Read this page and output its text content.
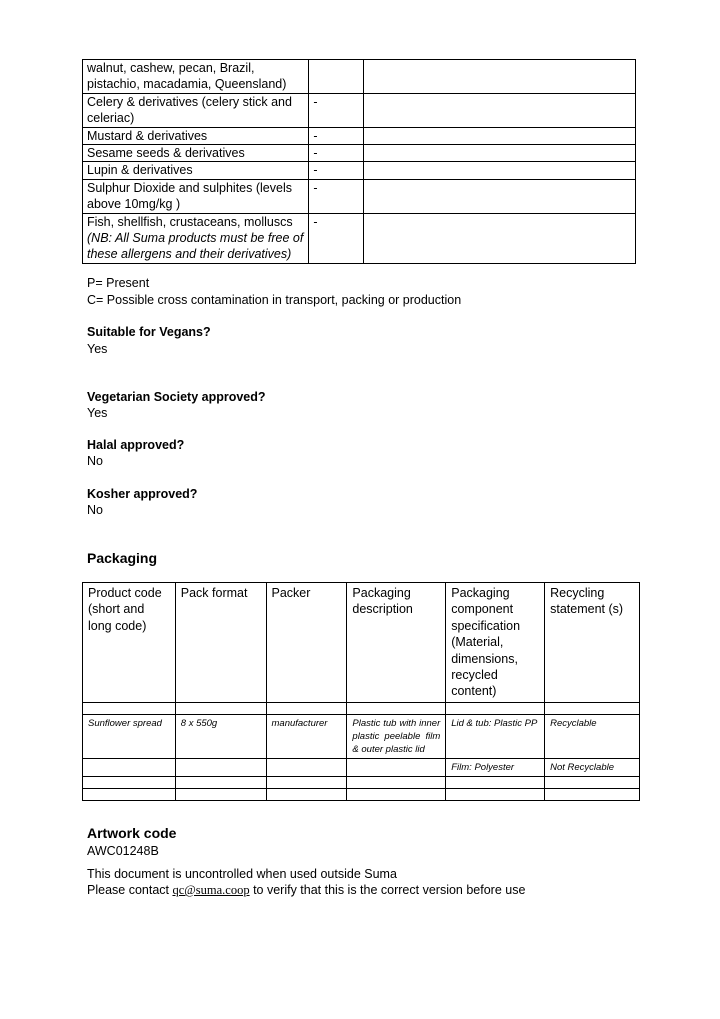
walnut, cashew, pecan, Brazil,
pistachio, macadamia, Queensland)		

Celery & derivatives (celery stick and
celeriac)	-	

Mustard & derivatives	-	

Sesame seeds & derivatives	-	

Lupin & derivatives	-	

Sulphur Dioxide and sulphites (levels
above 10mg/kg )	-	

Fish, shellfish, crustaceans, molluscs
(NB: All Suma products must be free of
these allergens and their derivatives)	-	
P= Present
C= Possible cross contamination in transport, packing or production
Suitable for Vegans?
Yes
Vegetarian Society approved?
Yes
Halal approved?
No
Kosher approved?
No
Packaging
Product code (short and long code)	Pack format	Packer	Packaging description	Packaging component specification (Material, dimensions, recycled content)	Recycling statement (s)

Sunflower spread	8 x 550g	manufacturer	Plastic tub with inner plastic peelable film & outer plastic lid	Lid & tub: Plastic PP	Recyclable
				Film: Polyester	Not Recyclable

Artwork code
AWC01248B
This document is uncontrolled when used outside Suma
Please contact qc@suma.coop to verify that this is the correct version before use
